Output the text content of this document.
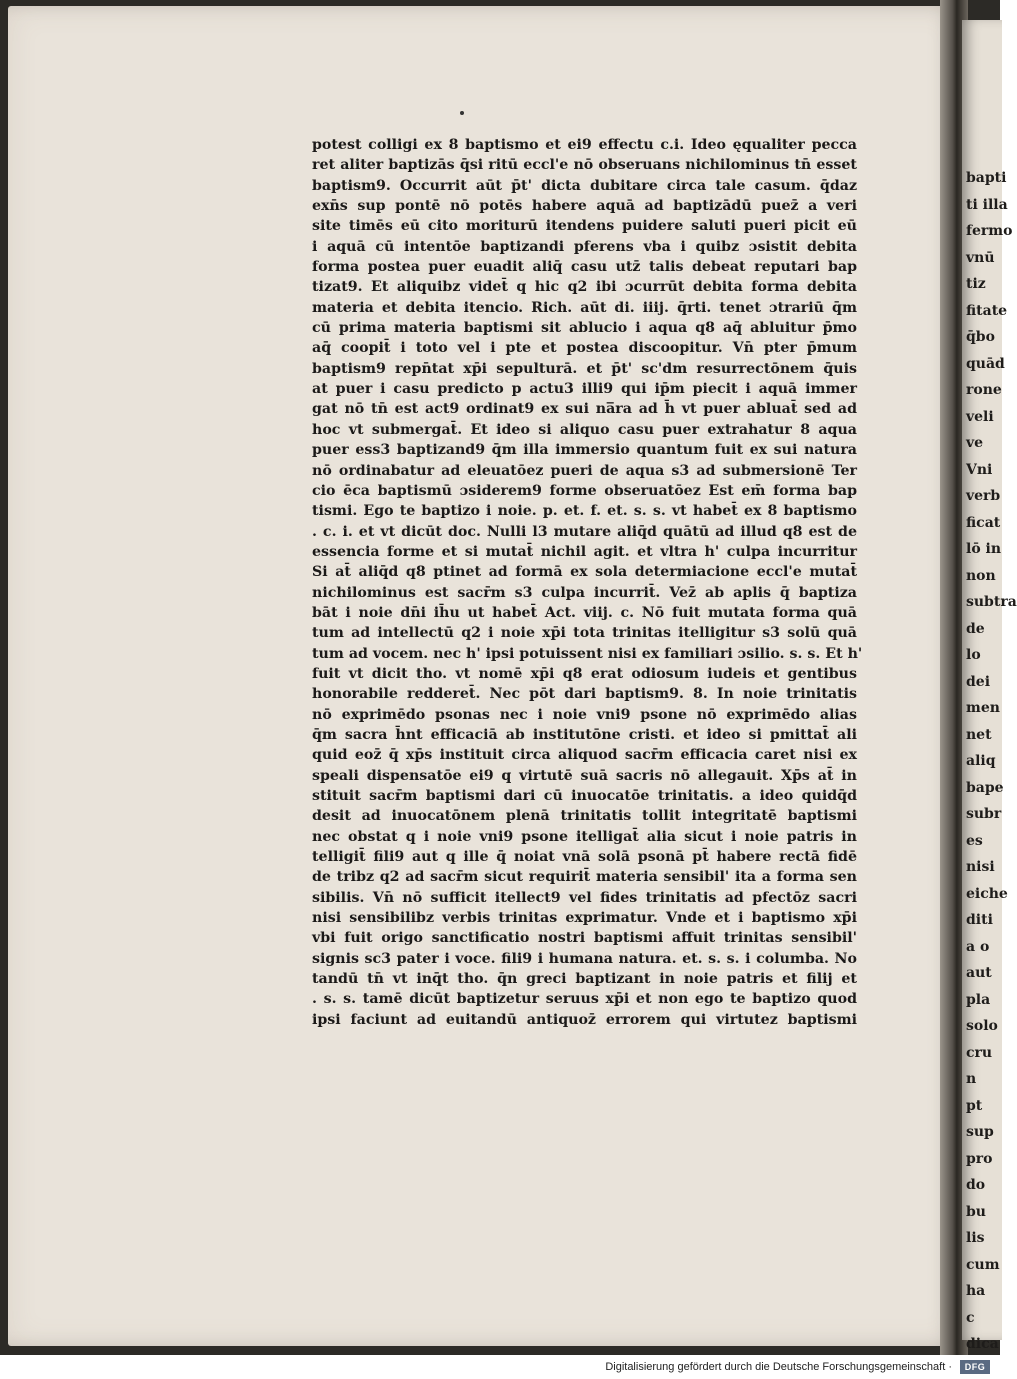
bapti
ti illa
fermo
vnū
tiz
fitate
q̄bo
quād
rone
veli
ve
Vni
verb
ficat
lō in
non
subtra
de
lo
dei
men
net
aliq
bape
subr
es
nisi
eiche
diti
a o
aut
pla
solo
cru
n
pt
sup
pro
do
bu
lis
cum
ha
c
dica
potest colligi ex 8 baptismo et ei9 effectu c.i. Ideo ęqualiter pecca
ret aliter baptizās q̄si ritū eccl'e nō obseruans nichilominus tn̄ esset
baptism9. Occurrit aūt p̄t' dicta dubitare circa tale casum. q̄daz
exn̄s sup pontē nō potēs habere aquā ad baptizādū puez̄ a veri
site timēs eū cito moriturū itendens puidere saluti pueri picit eū
i aquā cū intentōe baptizandi pferens vba i quibz ɔsistit debita
forma postea puer euadit aliq̄ casu utz̄ talis debeat reputari bap
tizat9. Et aliquibz videt̄ q hic q2 ibi ɔcurrūt debita forma debita
materia et debita itencio. Rich. aūt di. iiij. q̄rti. tenet ɔtrariū q̄m
cū prima materia baptismi sit ablucio i aqua q8 aq̄ abluitur p̄mo
aq̄ coopit̄ i toto vel i pte et postea discoopitur. Vn̄ pter p̄mum
baptism9 repn̄tat xp̄i sepulturā. et p̄t' sc'dm resurrectōnem q̄uis
at puer i casu predicto p actu3 illi9 qui ip̄m piecit i aquā immer
gat nō tn̄ est act9 ordinat9 ex sui na̅ra ad h̄ vt puer abluat̄ sed ad
hoc vt submergat̄. Et ideo si aliquo casu puer extrahatur 8 aqua
puer ess3 baptizand9 q̄m illa immersio quantum fuit ex sui natura
nō ordinabatur ad eleuatōez pueri de aqua s3 ad submersionē Ter
cio ēca baptismū ɔsiderem9 forme obseruatōez Est em̄ forma bap
tismi. Ego te baptizo i noie. p. et. f. et. s. s. vt habet̄ ex 8 baptismo
. c. i. et vt dicūt doc. Nulli l3 mutare aliq̄d quātū ad illud q8 est de
essencia forme et si mutat̄ nichil agit. et vltra h' culpa incurritur
Si at̄ aliq̄d q8 ptinet ad formā ex sola determiacione eccl'e mutat̄
nichilominus est sacr̄m s3 culpa incurrit̄. Vez̄ ab aplis q̄ baptiza
bāt i noie dn̄i ih̄u ut habet̄ Act. viij. c. Nō fuit mutata forma quā
tum ad intellectū q2 i noie xp̄i tota trinitas itelligitur s3 solū quā
tum ad vocem. nec h' ipsi potuissent nisi ex familiari ɔsilio. s. s. Et h'
fuit vt dicit tho. vt nomē xp̄i q8 erat odiosum iudeis et gentibus
honorabile redderet̄. Nec pōt dari baptism9. 8. In noie trinitatis
nō exprimēdo psonas nec i noie vni9 psone nō exprimēdo alias
q̄m sacra h̄nt efficaciā ab institutōne cristi. et ideo si pmittat̄ ali
quid eoz̄ q̄ xp̄s instituit circa aliquod sacr̄m efficacia caret nisi ex
speali dispensatōe ei9 q virtutē suā sacris nō allegauit. Xp̄s at̄ in
stituit sacr̄m baptismi dari cū inuocatōe trinitatis. a ideo quidq̄d
desit ad inuocatōnem plenā trinitatis tollit integritatē baptismi
nec obstat q i noie vni9 psone itelligat̄ alia sicut i noie patris in
telligit̄ fili9 aut q ille q̄ noiat vnā solā psonā pt̄ habere rectā fidē
de tribz q2 ad sacr̄m sicut requirit̄ materia sensibil' ita a forma sen
sibilis. Vn̄ nō sufficit itellect9 vel fides trinitatis ad pfectōz sacri
nisi sensibilibz verbis trinitas exprimatur. Vnde et i baptismo xp̄i
vbi fuit origo sanctificatio nostri baptismi affuit trinitas sensibil'
signis sc3 pater i voce. fili9 i humana natura. et. s. s. i columba. No
tandū tn̄ vt inq̄t tho. q̄n greci baptizant in noie patris et filij et
. s. s. tamē dicūt baptizetur seruus xp̄i et non ego te baptizo quod
ipsi faciunt ad euitandū antiquoz̄ errorem qui virtutez baptismi
Digitalisierung gefördert durch die Deutsche Forschungsgemeinschaft ·	DFG
